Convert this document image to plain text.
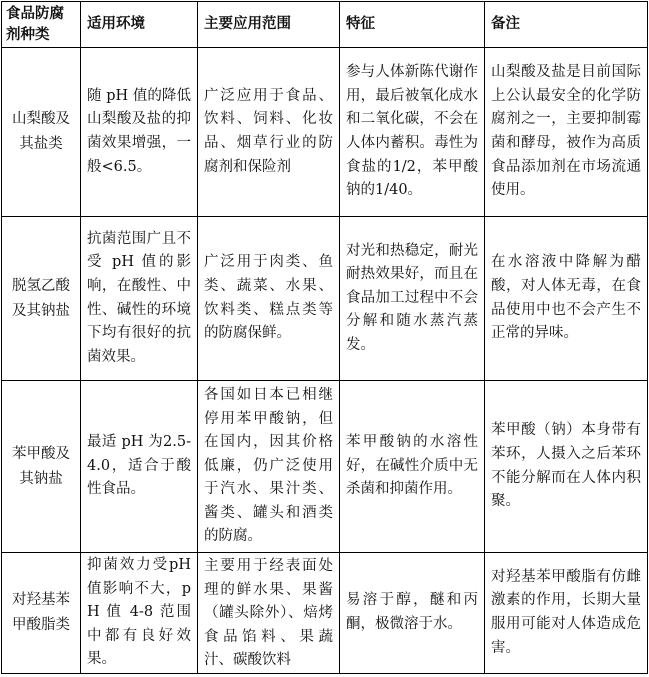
食品防腐剂种类	适用环境	主要应用范围	特征	备注
山梨酸及其盐类	随 pH 值的降低山梨酸及盐的抑菌效果增强，一般<6.5。	广泛应用于食品、饮料、饲料、化妆品、烟草行业的防腐剂和保险剂	参与人体新陈代谢作用，最后被氧化成水和二氧化碳，不会在人体内蓄积。毒性为食盐的1/2，苯甲酸钠的1/40。	山梨酸及盐是目前国际上公认最安全的化学防腐剂之一，主要抑制霉菌和酵母，被作为高质食品添加剂在市场流通使用。
脱氢乙酸及其钠盐	抗菌范围广且不受 pH 值的影响，在酸性、中性、碱性的环境下均有很好的抗菌效果。	广泛用于肉类、鱼类、蔬菜、水果、饮料类、糕点类等的防腐保鲜。	对光和热稳定，耐光耐热效果好，而且在食品加工过程中不会分解和随水蒸汽蒸发。	在水溶液中降解为醋酸，对人体无毒，在食品使用中也不会产生不正常的异味。
苯甲酸及其钠盐	最适 pH 为2.5-4.0，适合于酸性食品。	各国如日本已相继停用苯甲酸钠，但在国内，因其价格低廉，仍广泛使用于汽水、果汁类、酱类、罐头和酒类的防腐。	苯甲酸钠的水溶性好，在碱性介质中无杀菌和抑菌作用。	苯甲酸（钠）本身带有苯环，人摄入之后苯环不能分解而在人体内积聚。
对羟基苯甲酸脂类	抑菌效力受pH 值影响不大，pH 值 4-8 范围中都有良好效果。	主要用于经表面处理的鲜水果、果酱（罐头除外）、焙烤食品馅料、果蔬汁、碳酸饮料	易溶于醇，醚和丙酮，极微溶于水。	对羟基苯甲酸脂有仿雌激素的作用，长期大量服用可能对人体造成危害。
